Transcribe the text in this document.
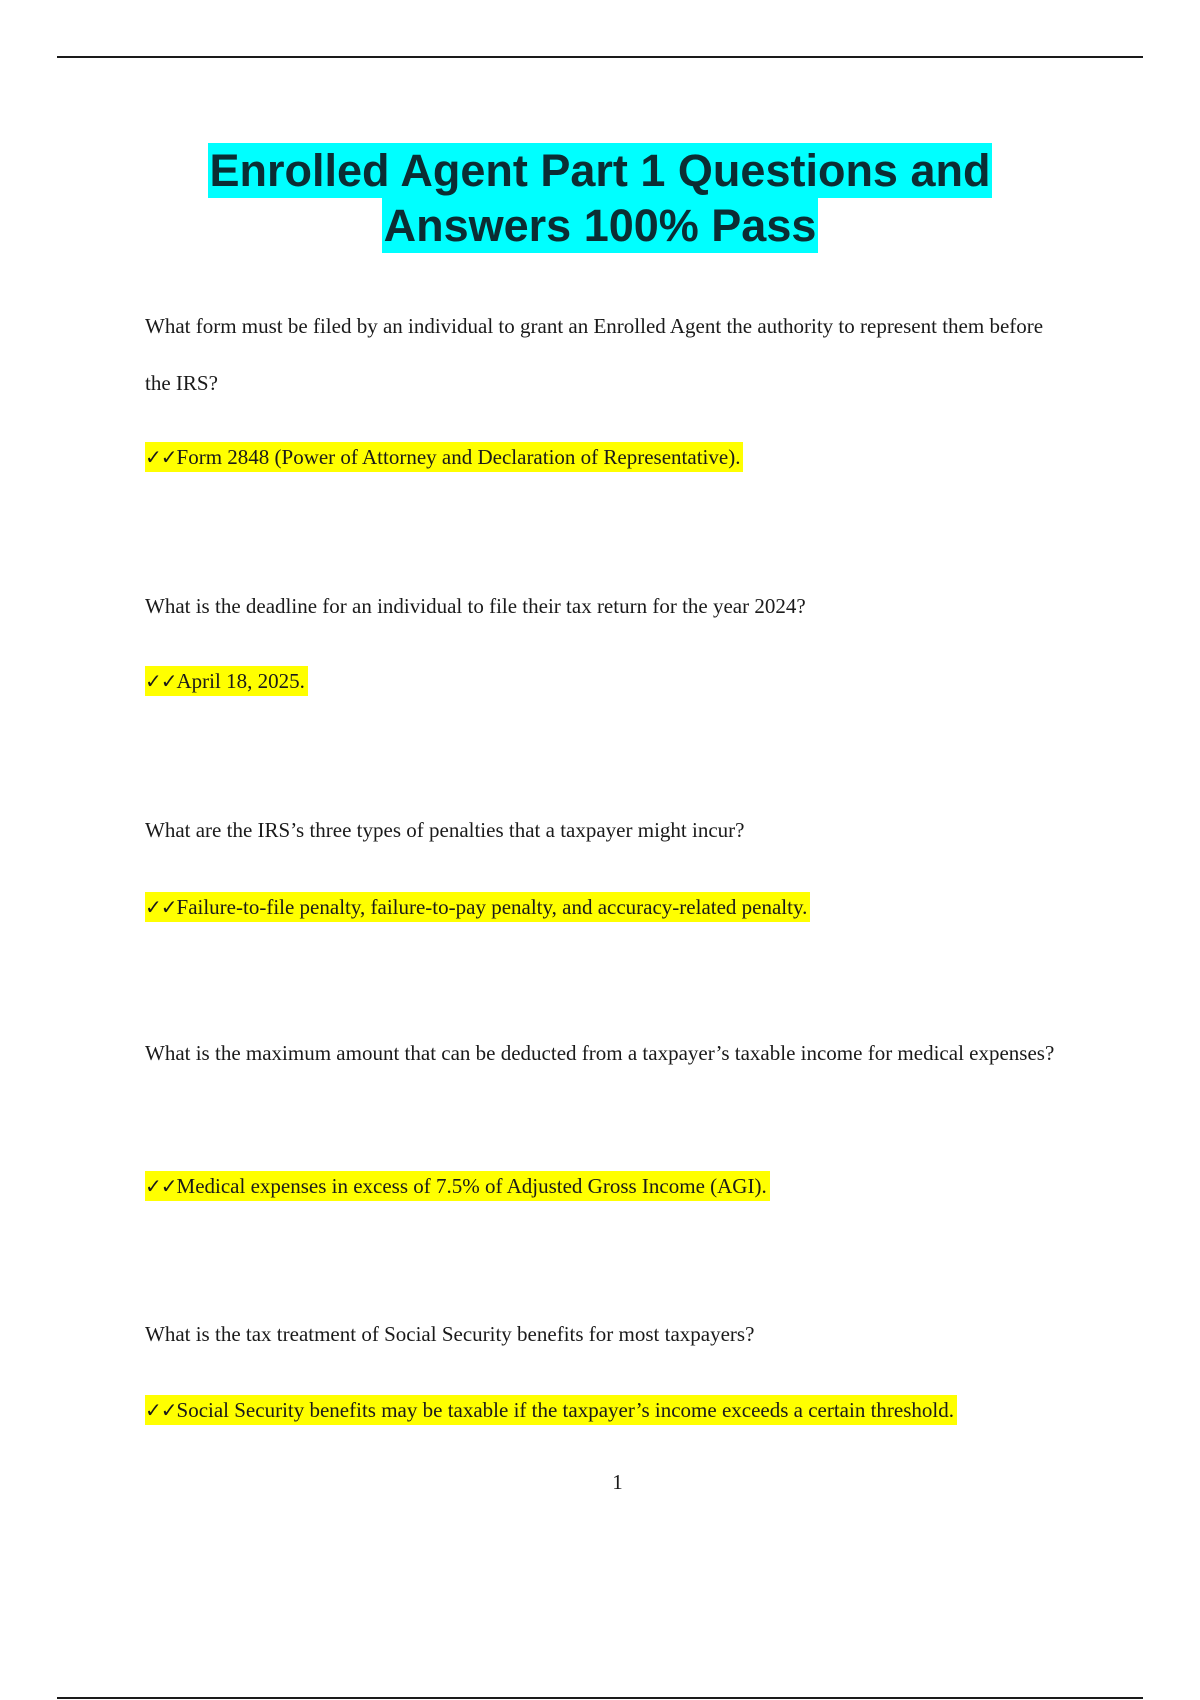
Enrolled Agent Part 1 Questions and
Answers 100% Pass

What form must be filed by an individual to grant an Enrolled Agent the authority to represent them before the IRS?

✓✓Form 2848 (Power of Attorney and Declaration of Representative).

What is the deadline for an individual to file their tax return for the year 2024?

✓✓April 18, 2025.

What are the IRS’s three types of penalties that a taxpayer might incur?

✓✓Failure-to-file penalty, failure-to-pay penalty, and accuracy-related penalty.

What is the maximum amount that can be deducted from a taxpayer’s taxable income for medical expenses?

✓✓Medical expenses in excess of 7.5% of Adjusted Gross Income (AGI).

What is the tax treatment of Social Security benefits for most taxpayers?

✓✓Social Security benefits may be taxable if the taxpayer’s income exceeds a certain threshold.
1
